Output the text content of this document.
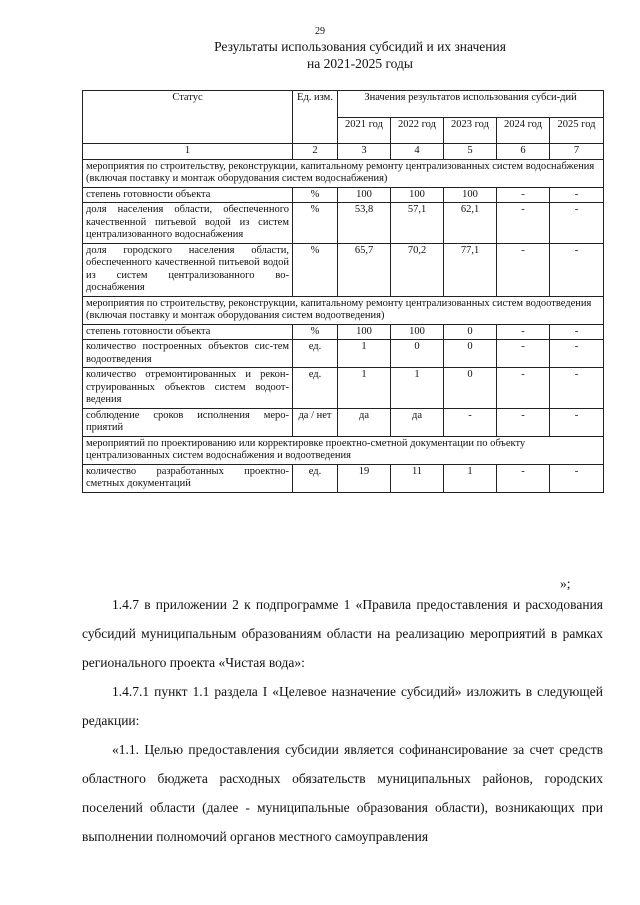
29
Результаты использования субсидий и их значения
на 2021-2025 годы
Статус	Ед. изм.	Значения результатов использования субси-дий				
		2021 год	2022 год	2023 год	2024 год	2025 год
1	2	3	4	5	6	7
мероприятия по строительству, реконструкции, капитальному ремонту централизованных систем водоснабжения (включая поставку и монтаж оборудования систем водоснабжения)						
степень готовности объекта	%	100	100	100	-	-
доля населения области, обеспеченного качественной питьевой водой из систем централизованного водоснабжения	%	53,8	57,1	62,1	-	-
доля городского населения области, обеспеченного качественной питьевой водой из систем централизованного во-доснабжения	%	65,7	70,2	77,1	-	-
мероприятия по строительству, реконструкции, капитальному ремонту централизованных систем водоотведения (включая поставку и монтаж оборудования систем водоотведения)						
степень готовности объекта	%	100	100	0	-	-
количество построенных объектов сис-тем водоотведения	ед.	1	0	0	-	-
количество отремонтированных и рекон-струированных объектов систем водоот-ведения	ед.	1	1	0	-	-
соблюдение сроков исполнения меро-приятий	да / нет	да	да	-	-	-
мероприятий по проектированию или корректировке проектно-сметной документации по объекту централизованных систем водоснабжения и водоотведения						
количество разработанных проектно-сметных документаций	ед.	19	11	1	-	-
»;

1.4.7 в приложении 2 к подпрограмме 1 «Правила предоставления и расходования субсидий муниципальным образованиям области на реализацию мероприятий в рамках регионального проекта «Чистая вода»:

1.4.7.1 пункт 1.1 раздела I «Целевое назначение субсидий» изложить в следующей редакции:

«1.1. Целью предоставления субсидии является софинансирование за счет средств областного бюджета расходных обязательств муниципальных районов, городских поселений области (далее - муниципальные образования области), возникающих при выполнении полномочий органов местного самоуправления
